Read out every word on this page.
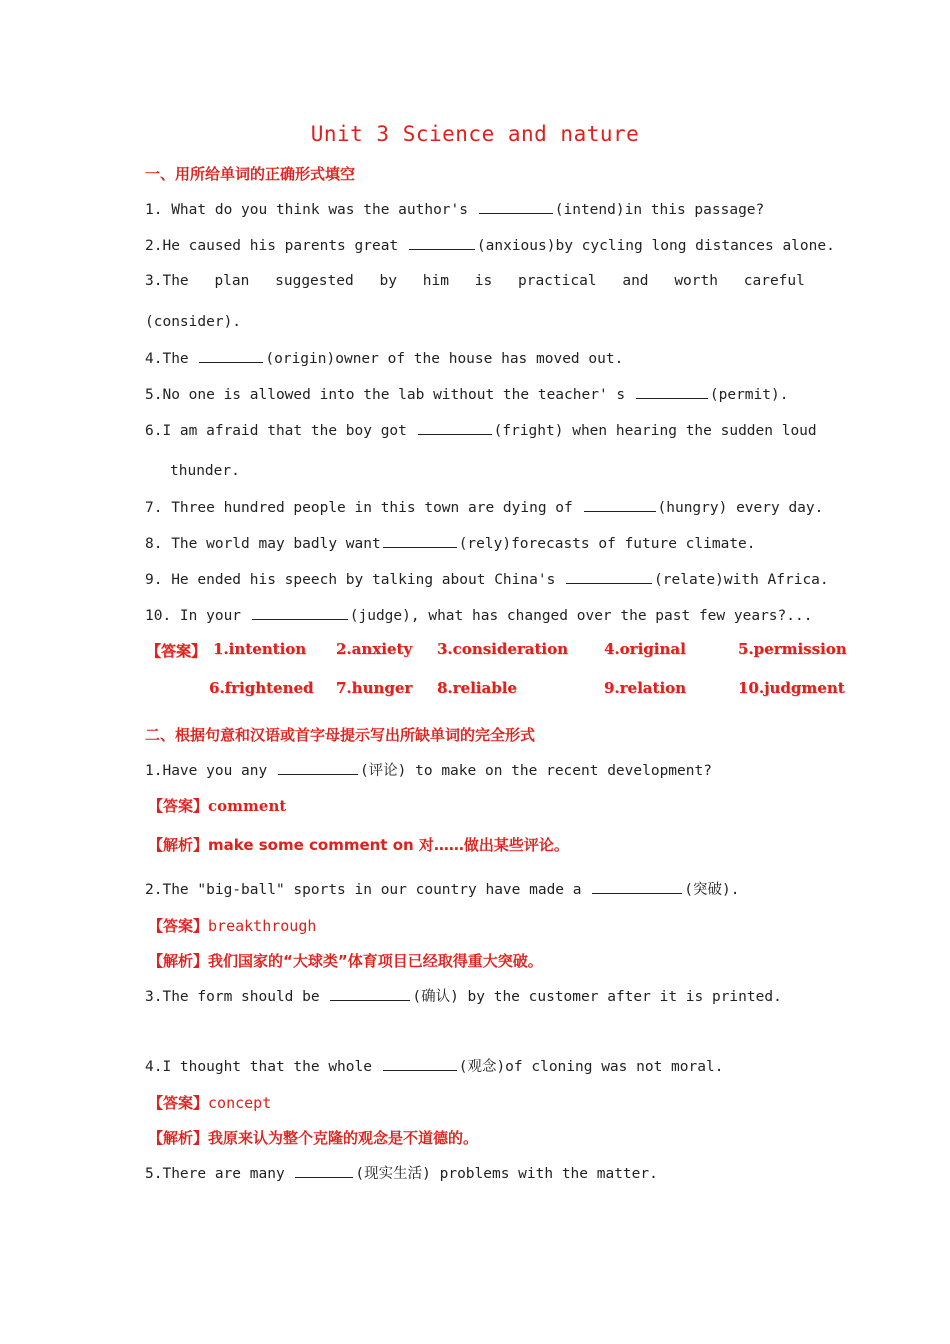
Unit 3 Science and nature
一、用所给单词的正确形式填空
1. What do you think was the author's	(intend)in this passage?
2.He caused his parents great	(anxious)by cycling long distances alone.
3.The plan suggested by him is practical and worth careful
(consider).
4.The	(origin)owner of the house has moved out.
5.No one is allowed into the lab without the teacher' s	(permit).
6.I am afraid that the boy got	(fright) when hearing the sudden loud
thunder.
7. Three hundred people in this town are dying of	(hungry) every day.
8. The world may badly want	(rely)forecasts of future climate.
9. He ended his speech by talking about China's	(relate)with Africa.
10. In your	(judge), what has changed over the past few years?...
【答案】 1.intention 2.anxiety 3.consideration 4.original	5.permission
6.frightened 7.hunger 8.reliable	9.relation	10.judgment
二、根据句意和汉语或首字母提示写出所缺单词的完全形式
1.Have you any	(评论) to make on the recent development?
【答案】comment
【解析】make some comment on 对……做出某些评论。
2.The "big-ball" sports in our country have made a	(突破).
【答案】breakthrough
【解析】我们国家的“大球类”体育项目已经取得重大突破。
3.The form should be	(确认) by the customer after it is printed.
4.I thought that the whole	(观念)of cloning was not moral.
【答案】concept
【解析】我原来认为整个克隆的观念是不道德的。
5.There are many	(现实生活) problems with the matter.
